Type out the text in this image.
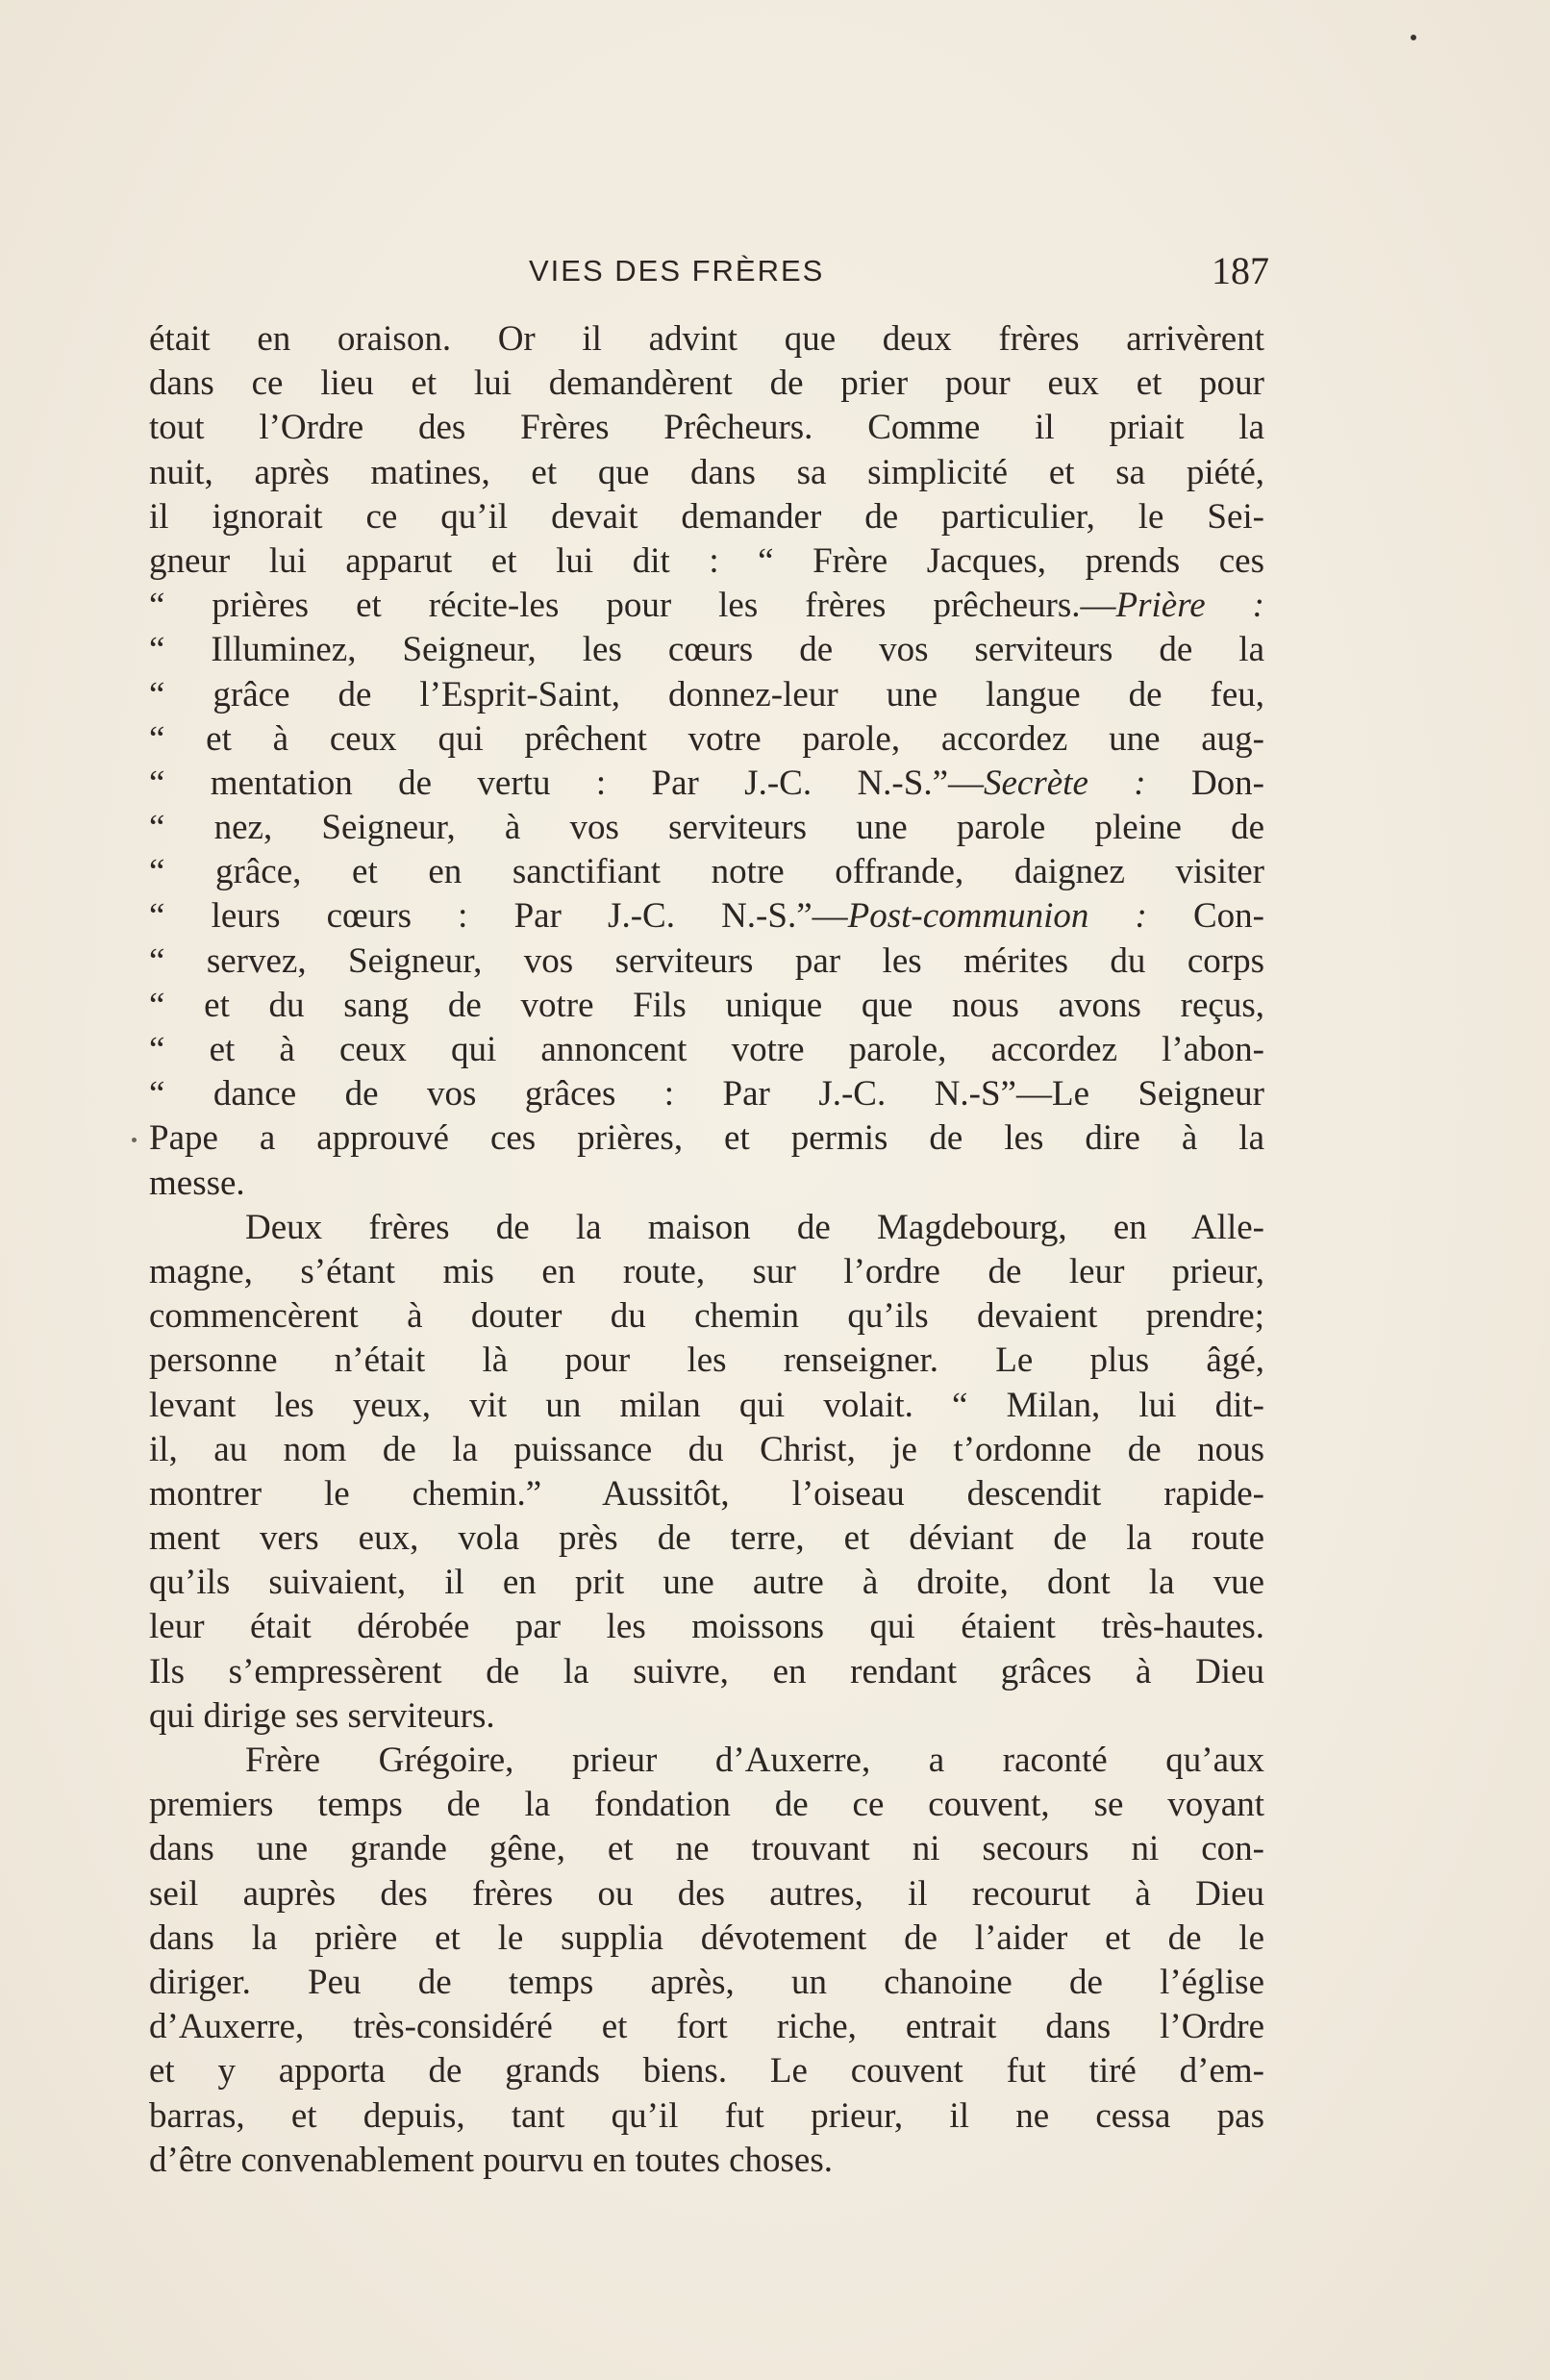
VIES DES FRÈRES	187
était en oraison. Or il advint que deux frères arrivèrent
dans ce lieu et lui demandèrent de prier pour eux et pour
tout l’Ordre des Frères Prêcheurs. Comme il priait la
nuit, après matines, et que dans sa simplicité et sa piété,
il ignorait ce qu’il devait demander de particulier, le Sei-
gneur lui apparut et lui dit : “ Frère Jacques, prends ces
“ prières et récite-les pour les frères prêcheurs.—Prière :
“ Illuminez, Seigneur, les cœurs de vos serviteurs de la
“ grâce de l’Esprit-Saint, donnez-leur une langue de feu,
“ et à ceux qui prêchent votre parole, accordez une aug-
“ mentation de vertu : Par J.-C. N.-S.”—Secrète : Don-
“ nez, Seigneur, à vos serviteurs une parole pleine de
“ grâce, et en sanctifiant notre offrande, daignez visiter
“ leurs cœurs : Par J.-C. N.-S.”—Post-communion : Con-
“ servez, Seigneur, vos serviteurs par les mérites du corps
“ et du sang de votre Fils unique que nous avons reçus,
“ et à ceux qui annoncent votre parole, accordez l’abon-
“ dance de vos grâces : Par J.-C. N.-S”—Le Seigneur
Pape a approuvé ces prières, et permis de les dire à la
messe.
Deux frères de la maison de Magdebourg, en Alle-
magne, s’étant mis en route, sur l’ordre de leur prieur,
commencèrent à douter du chemin qu’ils devaient prendre;
personne n’était là pour les renseigner. Le plus âgé,
levant les yeux, vit un milan qui volait. “ Milan, lui dit-
il, au nom de la puissance du Christ, je t’ordonne de nous
montrer le chemin.” Aussitôt, l’oiseau descendit rapide-
ment vers eux, vola près de terre, et déviant de la route
qu’ils suivaient, il en prit une autre à droite, dont la vue
leur était dérobée par les moissons qui étaient très-hautes.
Ils s’empressèrent de la suivre, en rendant grâces à Dieu
qui dirige ses serviteurs.
Frère Grégoire, prieur d’Auxerre, a raconté qu’aux
premiers temps de la fondation de ce couvent, se voyant
dans une grande gêne, et ne trouvant ni secours ni con-
seil auprès des frères ou des autres, il recourut à Dieu
dans la prière et le supplia dévotement de l’aider et de le
diriger. Peu de temps après, un chanoine de l’église
d’Auxerre, très-considéré et fort riche, entrait dans l’Ordre
et y apporta de grands biens. Le couvent fut tiré d’em-
barras, et depuis, tant qu’il fut prieur, il ne cessa pas
d’être convenablement pourvu en toutes choses.
